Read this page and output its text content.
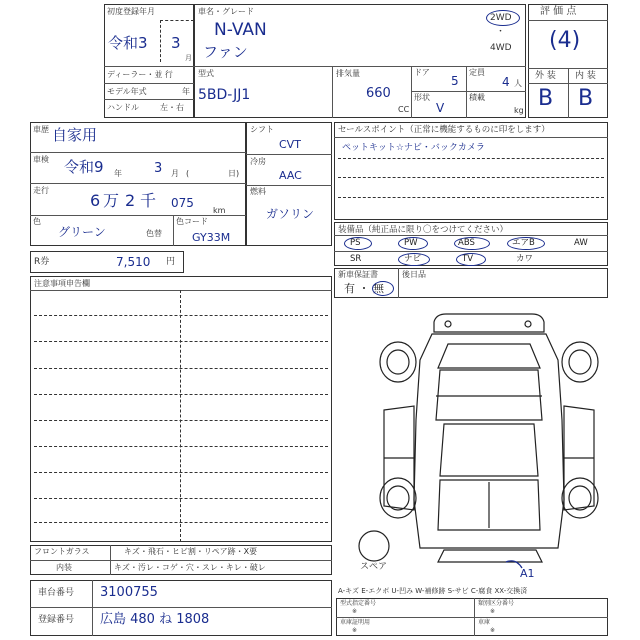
初度登録年月
令和3 3
月
ディーラー・並 行
モデル年式	年
ハンドル	左・右
車名・グレード
N-VAN
ファン
2WD
・
4WD
型式
5BD-JJ1
排気量
660
CC
ドア
5
定員
4 人
形状
V
積載
kg
評 価 点
(4)
外 装 内 装
B B
車歴 自家用
車検 令和9 年 3 月 (	日)
走行
6 万 2 千 075
km
色
グリーン	色替
色コード
GY33M
シフト
CVT
冷房
AAC
燃料
ガソリン
R券	7,510 円
セールスポイント（正常に機能するものに印をします）
ペットキット☆ナビ・バックカメラ
装備品（純正品に限り〇をつけてください）
PS	PW	ABS	エアB	AW
SR	ナビ	TV	カワ
新車保証書
有 ・ 無
後日品
注意事項申告欄
フロントガラス	キズ・飛石・ヒビ割・リペア跡・X要
内装	キズ・汚レ・コゲ・穴・スレ・キレ・破レ
車台番号 3100755
登録番号 広島 480 ね 1808
スペア	A1
A-キズ E-エクボ U-凹み W-補修跡 S-サビ C-腐食 XX-交換済
型式指定番号
※
類別区分番号
※
車庫証明用
※
車庫
※
